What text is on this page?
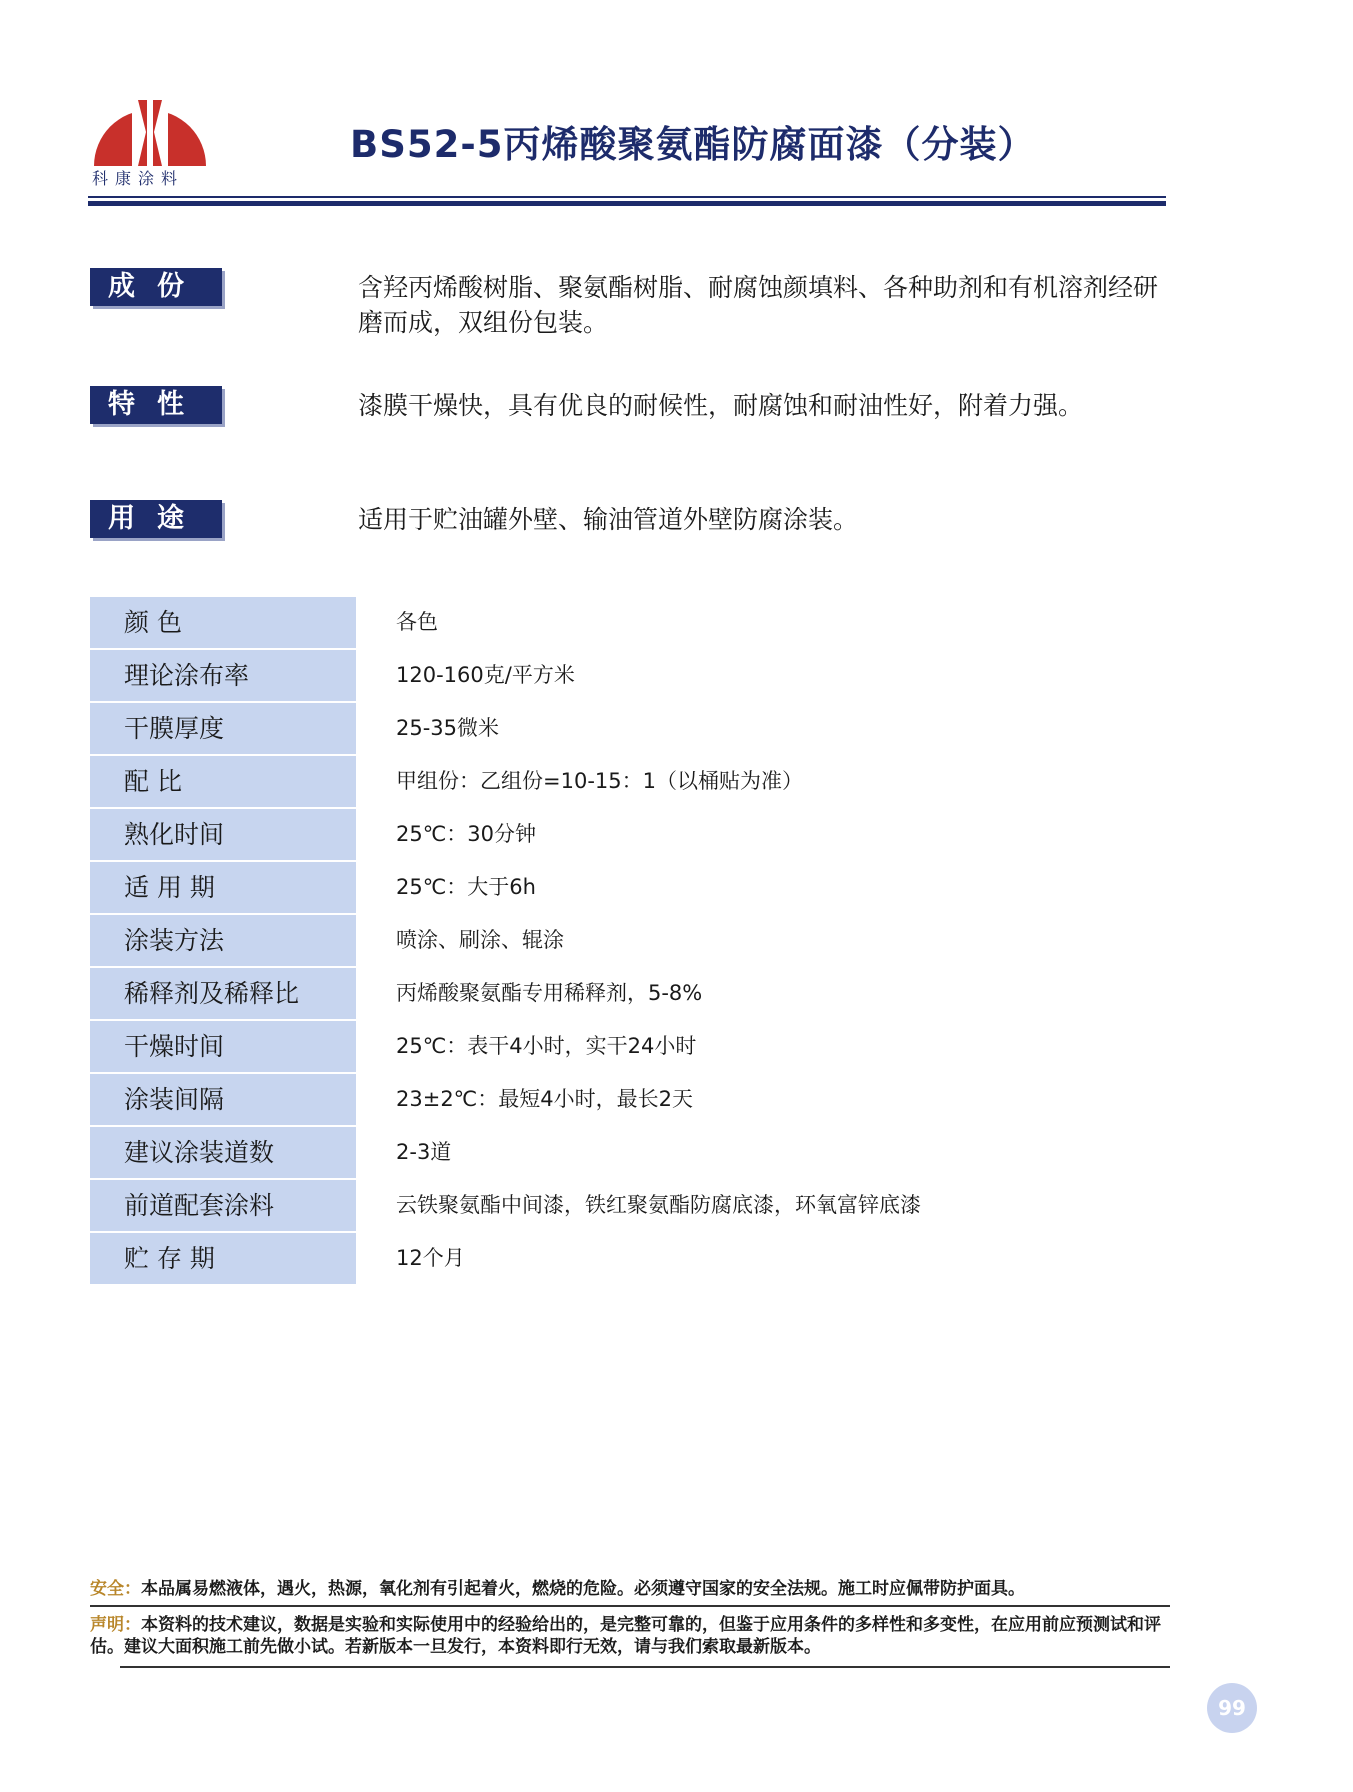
科康涂料
BS52-5丙烯酸聚氨酯防腐面漆（分装）
成份	含羟丙烯酸树脂、聚氨酯树脂、耐腐蚀颜填料、各种助剂和有机溶剂经研磨而成，双组份包装。
特性	漆膜干燥快，具有优良的耐候性，耐腐蚀和耐油性好，附着力强。
用途	适用于贮油罐外壁、输油管道外壁防腐涂装。
颜 色	各色
理论涂布率	120-160克/平方米
干膜厚度	25-35微米
配 比	甲组份：乙组份=10-15：1（以桶贴为准）
熟化时间	25℃：30分钟
适 用 期	25℃：大于6h
涂装方法	喷涂、刷涂、辊涂
稀释剂及稀释比	丙烯酸聚氨酯专用稀释剂，5-8%
干燥时间	25℃：表干4小时，实干24小时
涂装间隔	23±2℃：最短4小时，最长2天
建议涂装道数	2-3道
前道配套涂料	云铁聚氨酯中间漆，铁红聚氨酯防腐底漆，环氧富锌底漆
贮 存 期	12个月
安全：本品属易燃液体，遇火，热源，氧化剂有引起着火，燃烧的危险。必须遵守国家的安全法规。施工时应佩带防护面具。
声明：本资料的技术建议，数据是实验和实际使用中的经验给出的，是完整可靠的，但鉴于应用条件的多样性和多变性，在应用前应预测试和评估。建议大面积施工前先做小试。若新版本一旦发行，本资料即行无效，请与我们索取最新版本。
99
